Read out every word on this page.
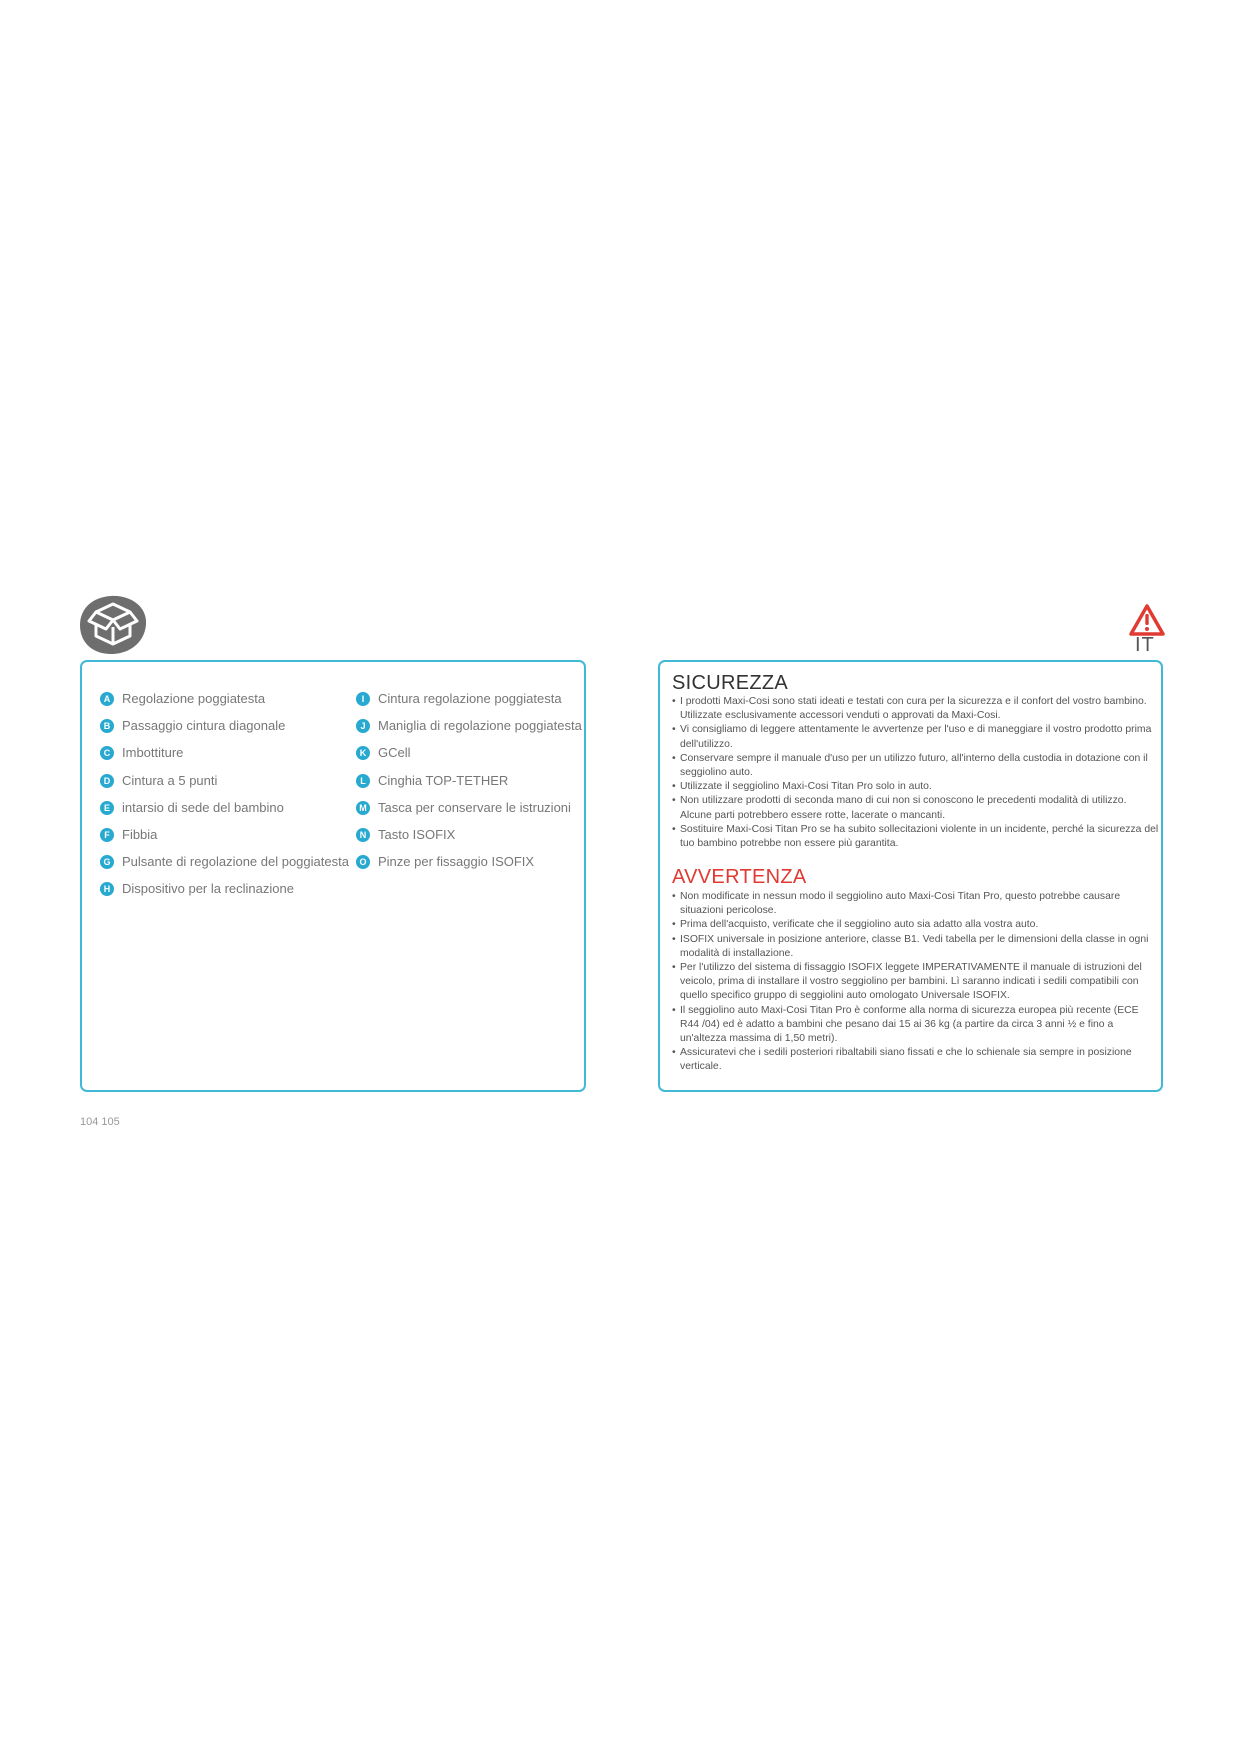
IT
A Regolazione poggiatesta
B Passaggio cintura diagonale
C Imbottiture
D Cintura a 5 punti
E intarsio di sede del bambino
F Fibbia
G Pulsante di regolazione del poggiatesta
H Dispositivo per la reclinazione
I	Cintura regolazione poggiatesta
J Maniglia di regolazione poggiatesta
K GCell
L Cinghia TOP-TETHER
M Tasca per conservare le istruzioni
N Tasto ISOFIX
O Pinze per fissaggio ISOFIX
SICUREZZA
• I prodotti Maxi-Cosi sono stati ideati e testati con cura per la sicurezza e il confort del vostro bambino. Utilizzate esclusivamente accessori venduti o approvati da Maxi-Cosi.
• Vi consigliamo di leggere attentamente le avvertenze per l'uso e di maneggiare il vostro prodotto prima dell'utilizzo.
• Conservare sempre il manuale d'uso per un utilizzo futuro, all'interno della custodia in dotazione con il seggiolino auto.
• Utilizzate il seggiolino Maxi-Cosi Titan Pro solo in auto.
• Non utilizzare prodotti di seconda mano di cui non si conoscono le precedenti modalità di utilizzo. Alcune parti potrebbero essere rotte, lacerate o mancanti.
• Sostituire Maxi-Cosi Titan Pro se ha subito sollecitazioni violente in un incidente, perché la sicurezza del tuo bambino potrebbe non essere più garantita.
AVVERTENZA
• Non modificate in nessun modo il seggiolino auto Maxi-Cosi Titan Pro, questo potrebbe causare situazioni pericolose.
• Prima dell'acquisto, verificate che il seggiolino auto sia adatto alla vostra auto.
• ISOFIX universale in posizione anteriore, classe B1. Vedi tabella per le dimensioni della classe in ogni modalità di installazione.
• Per l'utilizzo del sistema di fissaggio ISOFIX leggete IMPERATIVAMENTE il manuale di istruzioni del veicolo, prima di installare il vostro seggiolino per bambini. Lì saranno indicati i sedili compatibili con quello specifico gruppo di seggiolini auto omologato Universale ISOFIX.
• Il seggiolino auto Maxi-Cosi Titan Pro è conforme alla norma di sicurezza europea più recente (ECE R44 /04) ed è adatto a bambini che pesano dai 15 ai 36 kg (a partire da circa 3 anni ½ e fino a un'altezza massima di 1,50 metri).
• Assicuratevi che i sedili posteriori ribaltabili siano fissati e che lo schienale sia sempre in posizione verticale.
104 105
